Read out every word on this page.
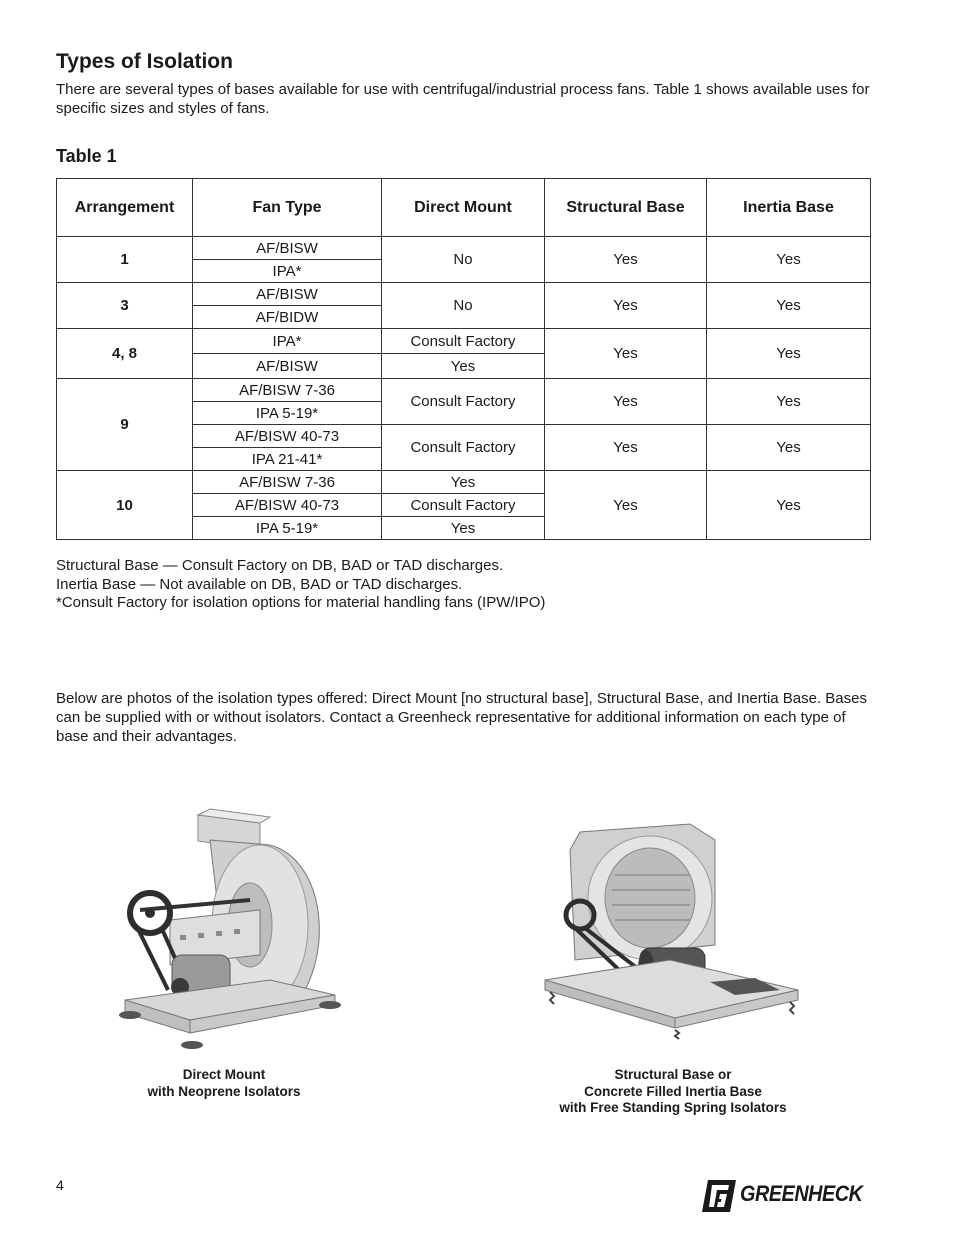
Types of Isolation

There are several types of bases available for use with centrifugal/industrial process fans. Table 1 shows available uses for specific sizes and styles of fans.

Table 1

Arrangement	Fan Type	Direct Mount	Structural Base	Inertia Base
1	AF/BISW	No	Yes	Yes
	IPA*			
3	AF/BISW	No	Yes	Yes
	AF/BIDW			
4, 8	IPA*	Consult Factory	Yes	Yes
	AF/BISW	Yes		
9	AF/BISW 7-36	Consult Factory	Yes	Yes
	IPA 5-19*			
	AF/BISW 40-73	Consult Factory	Yes	Yes
	IPA 21-41*			
10	AF/BISW 7-36	Yes	Yes	Yes
	AF/BISW 40-73	Consult Factory		
	IPA 5-19*	Yes		
Structural Base — Consult Factory on DB, BAD or TAD discharges.
Inertia Base — Not available on DB, BAD or TAD discharges.
*Consult Factory for isolation options for material handling fans (IPW/IPO)

Below are photos of the isolation types offered: Direct Mount [no structural base], Structural Base, and Inertia Base. Bases can be supplied with or without isolators. Contact a Greenheck representative for additional information on each type of base and their advantages.

Direct Mount
with Neoprene Isolators
Structural Base or
Concrete Filled Inertia Base
with Free Standing Spring Isolators
4	GREENHECK
